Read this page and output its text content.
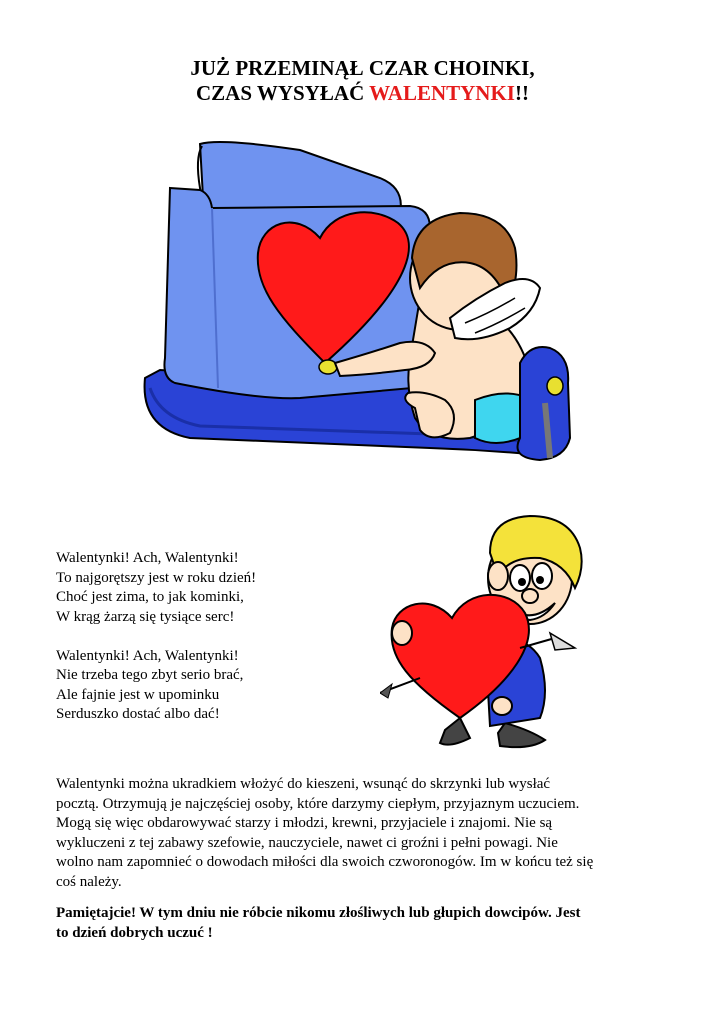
JUŻ PRZEMINĄŁ CZAR CHOINKI,
CZAS WYSYŁAĆ WALENTYNKI!!
Walentynki! Ach, Walentynki!
To najgorętszy jest w roku dzień!
Choć jest zima, to jak kominki,
W krąg żarzą się tysiące serc!
Walentynki! Ach, Walentynki!
Nie trzeba tego zbyt serio brać,
Ale fajnie jest w upominku
Serduszko dostać albo dać!
Walentynki można ukradkiem włożyć do kieszeni, wsunąć do skrzynki lub wysłać
pocztą. Otrzymują je najczęściej osoby, które darzymy ciepłym, przyjaznym uczuciem.
Mogą się więc obdarowywać starzy i młodzi, krewni, przyjaciele i znajomi. Nie są
wykluczeni z tej zabawy szefowie, nauczyciele, nawet ci groźni i pełni powagi. Nie
wolno nam zapomnieć o dowodach miłości dla swoich czworonogów. Im w końcu też się
coś należy.
Pamiętajcie! W tym dniu nie róbcie nikomu złośliwych lub głupich dowcipów. Jest
to dzień dobrych uczuć !
